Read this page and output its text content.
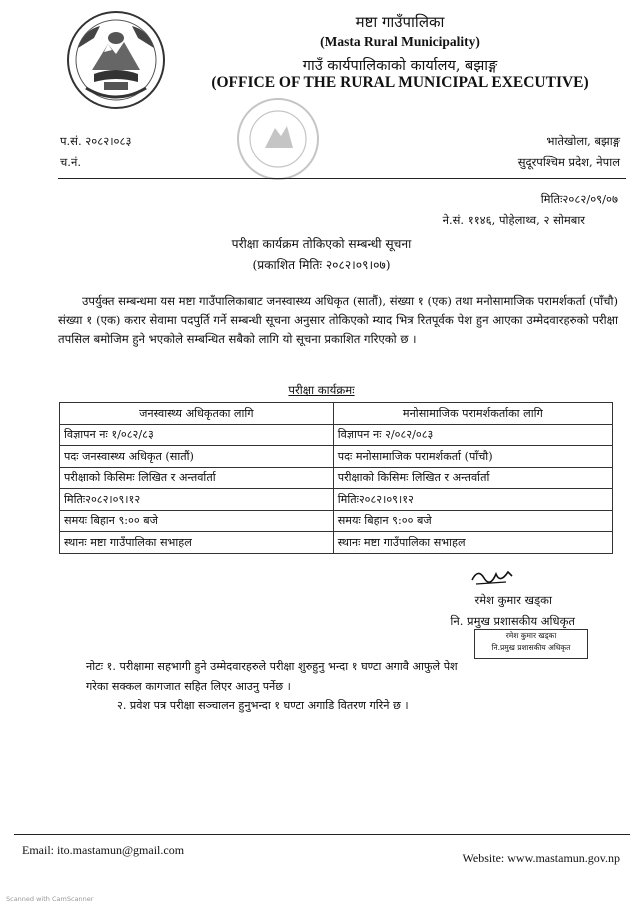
मष्टा गाउँपालिका
(Masta Rural Municipality)
गाउँ कार्यपालिकाको कार्यालय, बझाङ्ग
(OFFICE OF THE RURAL MUNICIPAL EXECUTIVE)
प.सं. २०८२।०८३
च.नं.
भातेखोला, बझाङ्ग
सुदूरपश्चिम प्रदेश, नेपाल
मितिः२०८२/०९/०७
ने.सं. ११४६, पोहेलाथ्व, २ सोमबार
परीक्षा कार्यक्रम तोकिएको सम्बन्धी सूचना
(प्रकाशित मितिः २०८२।०९।०७)
उपर्युक्त सम्बन्धमा यस मष्टा गाउँपालिकाबाट जनस्वास्थ्य अधिकृत (सातौं), संख्या १ (एक) तथा मनोसामाजिक परामर्शकर्ता (पाँचौ) संख्या १ (एक) करार सेवामा पदपुर्ति गर्ने सम्बन्धी सूचना अनुसार तोकिएको म्याद भित्र रितपूर्वक पेश हुन आएका उम्मेदवारहरुको परीक्षा तपसिल बमोजिम हुने भएकोले सम्बन्धित सबैको लागि यो सूचना प्रकाशित गरिएको छ ।
परीक्षा कार्यक्रमः
जनस्वास्थ्य अधिकृतका लागि	मनोसामाजिक परामर्शकर्ताका लागि
विज्ञापन नः १/०८२/८३	विज्ञापन नः २/०८२/०८३
पदः जनस्वास्थ्य अधिकृत (सातौं)	पदः मनोसामाजिक परामर्शकर्ता (पाँचौ)
परीक्षाको किसिमः लिखित र अन्तर्वार्ता	परीक्षाको किसिमः लिखित र अन्तर्वार्ता
मितिः२०८२।०९।१२	मितिः२०८२।०९।१२
समयः बिहान ९:०० बजे	समयः बिहान ९:०० बजे
स्थानः मष्टा गाउँपालिका सभाहल	स्थानः मष्टा गाउँपालिका सभाहल
रमेश कुमार खड्का
नि. प्रमुख प्रशासकीय अधिकृत
रमेश कुमार खड्का
नि.प्रमुख प्रशासकीय अधिकृत
नोटः १. परीक्षामा सहभागी हुने उम्मेदवारहरुले परीक्षा शुरुहुनु भन्दा १ घण्टा अगावै आफुले पेश
गरेका सक्कल कागजात सहित लिएर आउनु पर्नेछ ।
२. प्रवेश पत्र परीक्षा सञ्चालन हुनुभन्दा १ घण्टा अगाडि वितरण गरिने छ ।
Email: ito.mastamun@gmail.com
Website: www.mastamun.gov.np
Scanned with CamScanner
